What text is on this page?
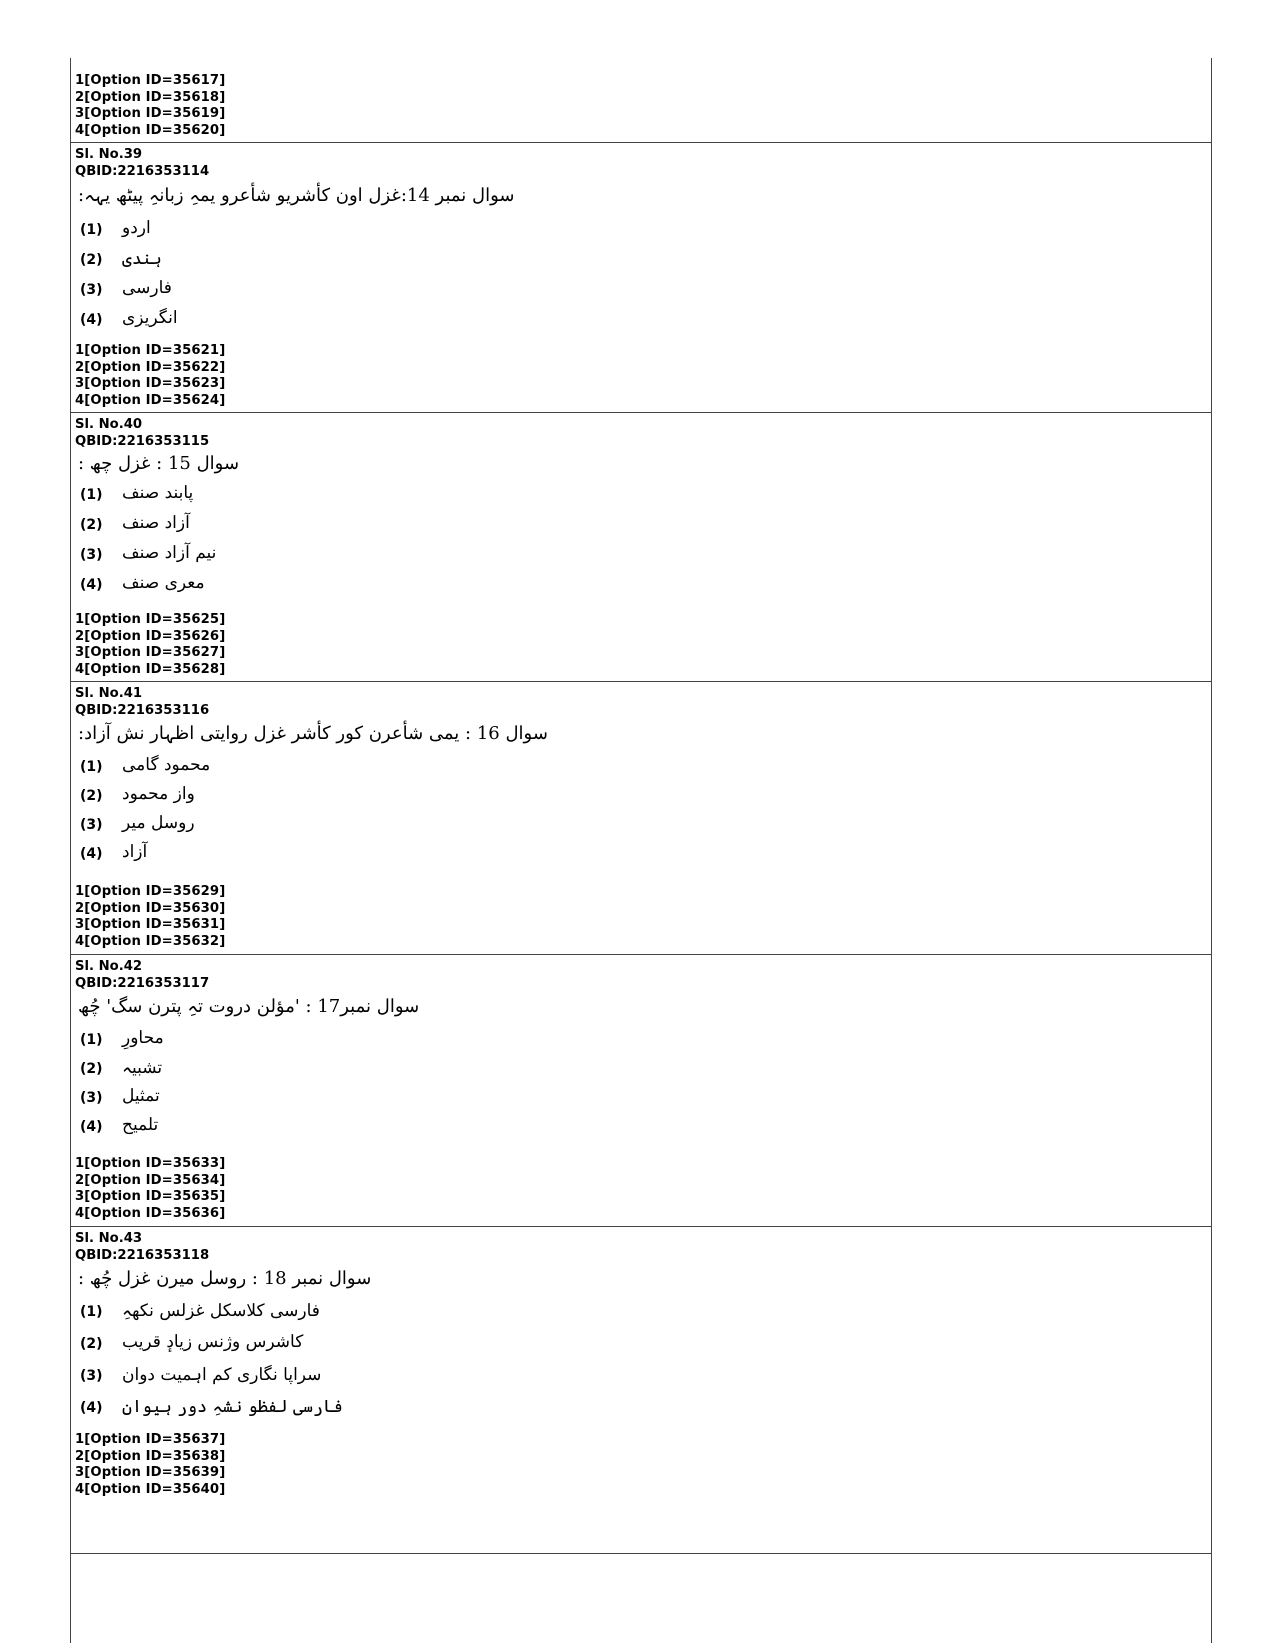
1[Option ID=35617]
2[Option ID=35618]
3[Option ID=35619]
4[Option ID=35620]
Sl. No.39
QBID:2216353114
سوال نمبر 14:غزل اون کأشریو شأعرو یمہِ زبانہِ پیٹھ یہہ:
(1) اردو
(2) ہندی
(3) فارسی
(4) انگریزی
1[Option ID=35621]
2[Option ID=35622]
3[Option ID=35623]
4[Option ID=35624]
Sl. No.40
QBID:2216353115
سوال 15 : غزل چھ :
(1) پابند صنف
(2) آزاد صنف
(3) نیم آزاد صنف
(4) معری صنف
1[Option ID=35625]
2[Option ID=35626]
3[Option ID=35627]
4[Option ID=35628]
Sl. No.41
QBID:2216353116
سوال 16 : یمی شأعرن کور کأشر غزل روایتی اظہار نش آزاد:
(1) محمود گامی
(2) واز محمود
(3) روسل میر
(4) آزاد
1[Option ID=35629]
2[Option ID=35630]
3[Option ID=35631]
4[Option ID=35632]
Sl. No.42
QBID:2216353117
سوال نمبر17 : 'مؤلن دروت تہِ پترن سگ' چُھ
(1) محاورِ
(2) تشبیہ
(3) تمثیل
(4) تلمیح
1[Option ID=35633]
2[Option ID=35634]
3[Option ID=35635]
4[Option ID=35636]
Sl. No.43
QBID:2216353118
سوال نمبر 18 : روسل میرن غزل چُھ :
(1) فارسی کلاسکل غزلس نکھہِ
(2) کاشرس وژنس زیادٕ قریب
(3) سراپا نگاری کم اہمیت دوان
(4) فارسی لفظو نشہِ دور ہیوان
1[Option ID=35637]
2[Option ID=35638]
3[Option ID=35639]
4[Option ID=35640]
